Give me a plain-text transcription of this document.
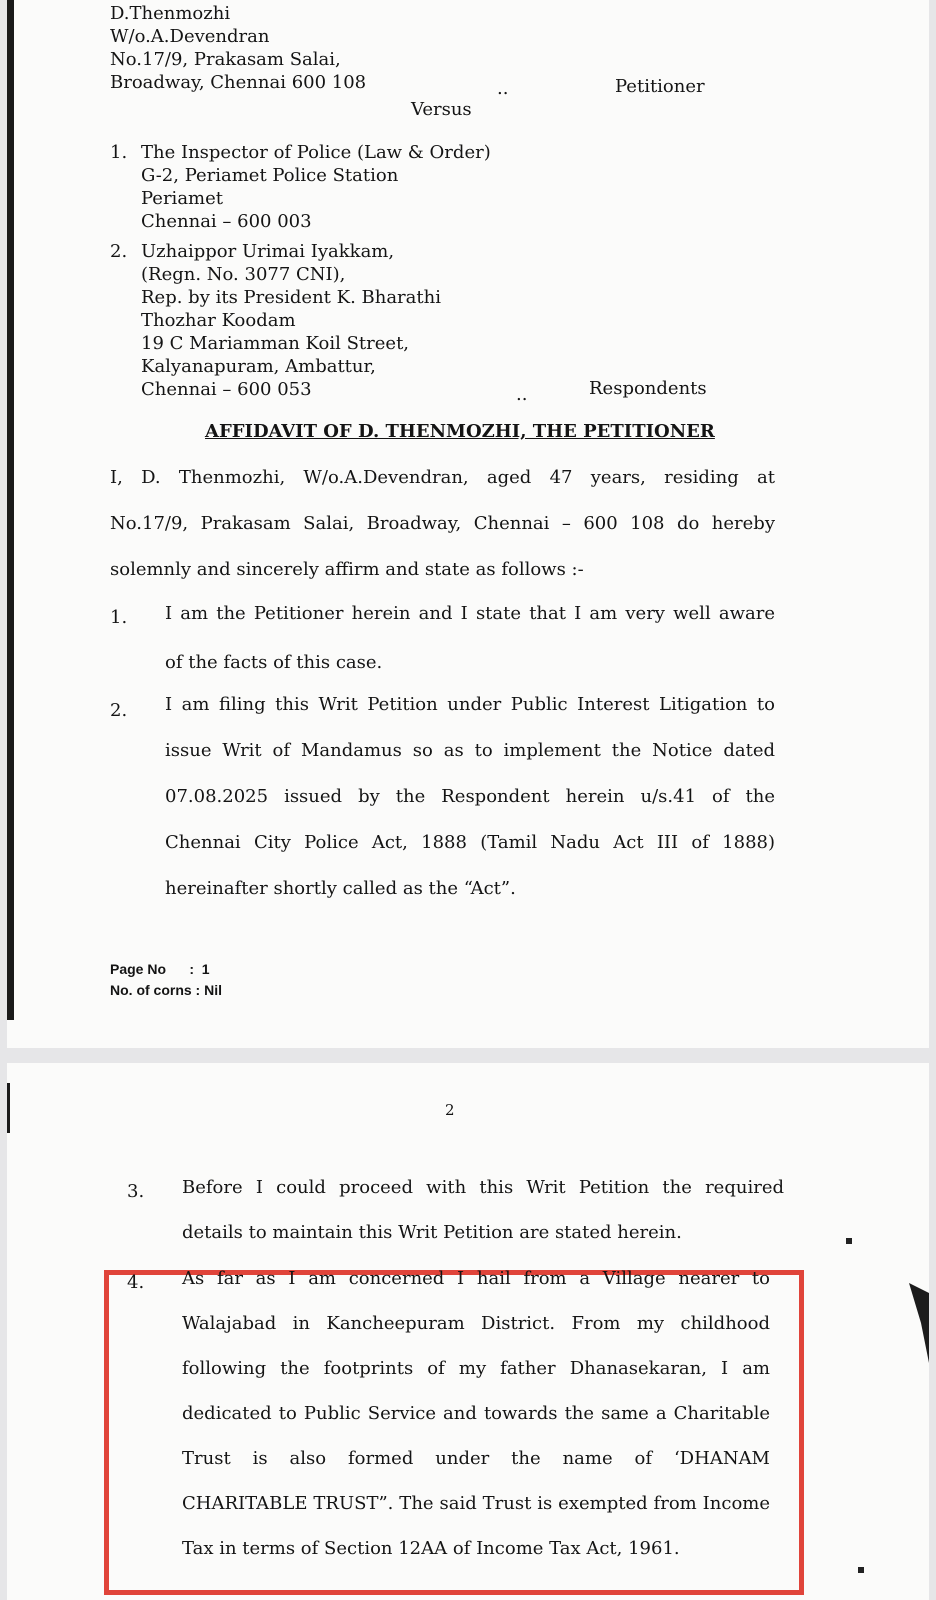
D.Thenmozhi
W/o.A.Devendran
No.17/9, Prakasam Salai,
Broadway, Chennai 600 108	..	Petitioner
Versus
1. The Inspector of Police (Law & Order)
G-2, Periamet Police Station
Periamet
Chennai – 600 003
2. Uzhaippor Urimai Iyakkam,
(Regn. No. 3077 CNI),
Rep. by its President K. Bharathi
Thozhar Koodam
19 C Mariamman Koil Street,
Kalyanapuram, Ambattur,
Chennai – 600 053	..	Respondents
AFFIDAVIT OF D. THENMOZHI, THE PETITIONER
I, D. Thenmozhi, W/o.A.Devendran, aged 47 years, residing at
No.17/9, Prakasam Salai, Broadway, Chennai – 600 108 do hereby
solemnly and sincerely affirm and state as follows :-
1. I am the Petitioner herein and I state that I am very well aware
of the facts of this case.
2. I am filing this Writ Petition under Public Interest Litigation to
issue Writ of Mandamus so as to implement the Notice dated
07.08.2025 issued by the Respondent herein u/s.41 of the
Chennai City Police Act, 1888 (Tamil Nadu Act III of 1888)
hereinafter shortly called as the “Act”.
Page No      :  1
No. of corns : Nil
2
3. Before I could proceed with this Writ Petition the required
details to maintain this Writ Petition are stated herein.
4. As far as I am concerned I hail from a Village nearer to
Walajabad in Kancheepuram District. From my childhood
following the footprints of my father Dhanasekaran, I am
dedicated to Public Service and towards the same a Charitable
Trust is also formed under the name of ‘DHANAM
CHARITABLE TRUST”. The said Trust is exempted from Income
Tax in terms of Section 12AA of Income Tax Act, 1961.
